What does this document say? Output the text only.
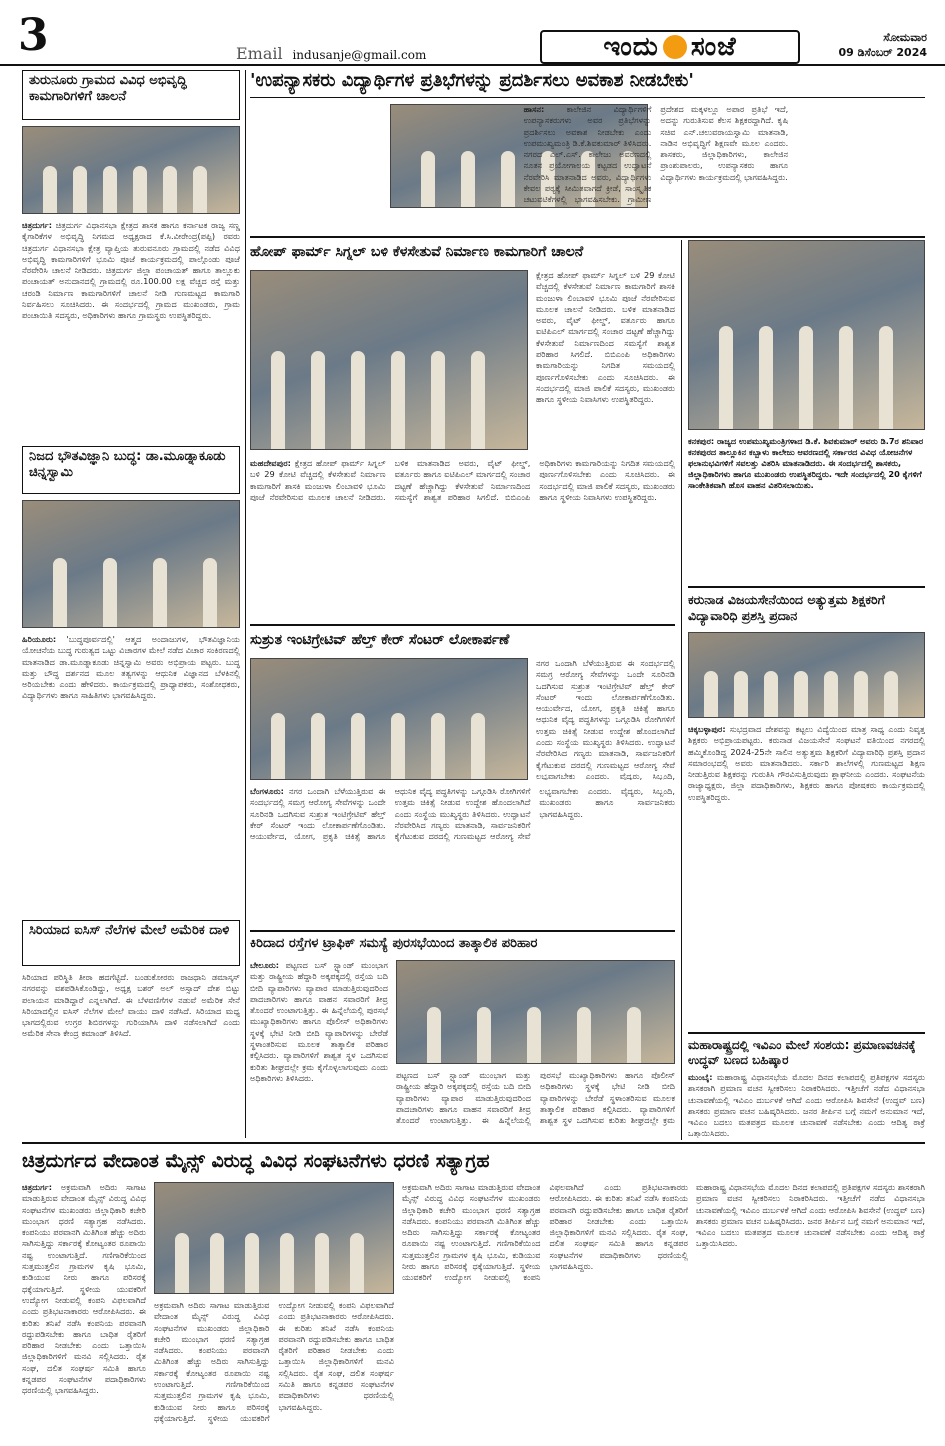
3	Email indusanje@gmail.com	ಇಂದು ಸಂಜೆ	ಸೋಮವಾರ
09 ಡಿಸೆಂಬರ್ 2024
ತುರುನೂರು ಗ್ರಾಮದ ವಿವಿಧ ಅಭಿವೃದ್ಧಿ ಕಾಮಗಾರಿಗಳಿಗೆ ಚಾಲನೆ
ಚಿತ್ರದುರ್ಗ: ಚಿತ್ರದುರ್ಗ ವಿಧಾನಸಭಾ ಕ್ಷೇತ್ರದ ಶಾಸಕ ಹಾಗೂ ಕರ್ನಾಟಕ ರಾಜ್ಯ ಸಣ್ಣ ಕೈಗಾರಿಕೆಗಳ ಅಭಿವೃದ್ಧಿ ನಿಗಮದ ಅಧ್ಯಕ್ಷರಾದ ಕೆ.ಸಿ.ವೀರೇಂದ್ರ(ಪಪ್ಪಿ) ರವರು ಚಿತ್ರದುರ್ಗ ವಿಧಾನಸಭಾ ಕ್ಷೇತ್ರ ವ್ಯಾಪ್ತಿಯ ತುರುವನೂರು ಗ್ರಾಮದಲ್ಲಿ ನಡೆದ ವಿವಿಧ ಅಭಿವೃದ್ಧಿ ಕಾಮಗಾರಿಗಳಿಗೆ ಭೂಮಿ ಪೂಜೆ ಕಾರ್ಯಕ್ರಮದಲ್ಲಿ ಪಾಲ್ಗೊಂಡು ಪೂಜೆ ನೆರವೇರಿಸಿ ಚಾಲನೆ ನೀಡಿದರು. ಚಿತ್ರದುರ್ಗ ಜಿಲ್ಲಾ ಪಂಚಾಯತ್ ಹಾಗೂ ತಾಲ್ಲೂಕು ಪಂಚಾಯತ್ ಅನುದಾನದಲ್ಲಿ ಗ್ರಾಮದಲ್ಲಿ ರೂ.100.00 ಲಕ್ಷ ವೆಚ್ಚದ ರಸ್ತೆ ಮತ್ತು ಚರಂಡಿ ನಿರ್ಮಾಣ ಕಾಮಗಾರಿಗಳಿಗೆ ಚಾಲನೆ ನೀಡಿ ಗುಣಮಟ್ಟದ ಕಾಮಗಾರಿ ನಿರ್ವಹಿಸಲು ಸೂಚಿಸಿದರು. ಈ ಸಂದರ್ಭದಲ್ಲಿ ಗ್ರಾಮದ ಮುಖಂಡರು, ಗ್ರಾಮ ಪಂಚಾಯಿತಿ ಸದಸ್ಯರು, ಅಧಿಕಾರಿಗಳು ಹಾಗೂ ಗ್ರಾಮಸ್ಥರು ಉಪಸ್ಥಿತರಿದ್ದರು.
ನಿಜದ ಭೌತವಿಜ್ಞಾನಿ ಬುದ್ಧ: ಡಾ.ಮೂಡ್ನಾಕೂಡು ಚಿನ್ನಸ್ವಾಮಿ
ಹಿರಿಯೂರು: 'ಬುದ್ಧಪೂರ್ವದಲ್ಲಿ' ಆತ್ಮದ ಅಂದಾಜುಗಳ, ಭೌತವಿಜ್ಞಾನಿಯ ಯೋಚನೆಯ ಬುದ್ಧ ಗುರುತ್ವದ ಒಟ್ಟು ವಿಚಾರಗಳ ಮೇಲೆ ನಡೆದ ವಿಚಾರ ಸಂಕಿರಣದಲ್ಲಿ ಮಾತನಾಡಿದ ಡಾ.ಮೂಡ್ನಾಕೂಡು ಚಿನ್ನಸ್ವಾಮಿ ಅವರು ಅಭಿಪ್ರಾಯ ಪಟ್ಟರು. ಬುದ್ಧ ಮತ್ತು ಬೌದ್ಧ ದರ್ಶನದ ಮೂಲ ತತ್ವಗಳನ್ನು ಆಧುನಿಕ ವಿಜ್ಞಾನದ ಬೆಳಕಿನಲ್ಲಿ ಅರಿಯಬೇಕು ಎಂದು ಹೇಳಿದರು. ಕಾರ್ಯಕ್ರಮದಲ್ಲಿ ಪ್ರಾಧ್ಯಾಪಕರು, ಸಂಶೋಧಕರು, ವಿದ್ಯಾರ್ಥಿಗಳು ಹಾಗೂ ಸಾಹಿತಿಗಳು ಭಾಗವಹಿಸಿದ್ದರು.
ಸಿರಿಯಾದ ಐಸಿಸ್ ನೆಲೆಗಳ ಮೇಲೆ ಅಮೆರಿಕ ದಾಳಿ
ಸಿರಿಯಾದ ಪರಿಸ್ಥಿತಿ ತೀರಾ ಹದಗೆಟ್ಟಿದೆ. ಬಂಡುಕೋರರು ರಾಜಧಾನಿ ಡಮಾಸ್ಕಸ್ ನಗರವನ್ನು ವಶಪಡಿಸಿಕೊಂಡಿದ್ದು, ಅಧ್ಯಕ್ಷ ಬಶರ್ ಅಲ್ ಅಸ್ಸಾದ್ ದೇಶ ಬಿಟ್ಟು ಪಲಾಯನ ಮಾಡಿದ್ದಾರೆ ಎನ್ನಲಾಗಿದೆ. ಈ ಬೆಳವಣಿಗೆಗಳ ನಡುವೆ ಅಮೆರಿಕ ಸೇನೆ ಸಿರಿಯಾದಲ್ಲಿನ ಐಸಿಸ್ ನೆಲೆಗಳ ಮೇಲೆ ವಾಯು ದಾಳಿ ನಡೆಸಿದೆ. ಸಿರಿಯಾದ ಮಧ್ಯ ಭಾಗದಲ್ಲಿರುವ ಉಗ್ರರ ಶಿಬಿರಗಳನ್ನು ಗುರಿಯಾಗಿಸಿ ದಾಳಿ ನಡೆಸಲಾಗಿದೆ ಎಂದು ಅಮೆರಿಕ ಸೇನಾ ಕೇಂದ್ರ ಕಮಾಂಡ್ ತಿಳಿಸಿದೆ.
'ಉಪನ್ಯಾಸಕರು ವಿದ್ಯಾರ್ಥಿಗಳ ಪ್ರತಿಭೆಗಳನ್ನು ಪ್ರದರ್ಶಿಸಲು ಅವಕಾಶ ನೀಡಬೇಕು'
ಹಾಸನ:	ಕಾಲೇಜಿನ ವಿದ್ಯಾರ್ಥಿಗಳಿಗೆ ಉಪನ್ಯಾಸಕರುಗಳು ಅವರ ಪ್ರತಿಭೆಗಳನ್ನು ಪ್ರದರ್ಶಿಸಲು ಅವಕಾಶ ನೀಡಬೇಕು ಎಂದು ಉಪಮುಖ್ಯಮಂತ್ರಿ ಡಿ.ಕೆ.ಶಿವಕುಮಾರ್ ತಿಳಿಸಿದರು. ನಗರದ ಎಲ್.ಎಸ್. ಕಾಲೇಜು ಅವರಣದಲ್ಲಿ ನೂತನ ಪ್ರಯೋಗಾಲಯ ಕಟ್ಟಡದ ಉದ್ಘಾಟನೆ ನೆರವೇರಿಸಿ ಮಾತನಾಡಿದ ಅವರು, ವಿದ್ಯಾರ್ಥಿಗಳು ಕೇವಲ ಪಠ್ಯಕ್ಕೆ ಸೀಮಿತವಾಗದೆ ಕ್ರೀಡೆ, ಸಾಂಸ್ಕೃತಿಕ ಚಟುವಟಿಕೆಗಳಲ್ಲಿ ಭಾಗವಹಿಸಬೇಕು. ಗ್ರಾಮೀಣ ಪ್ರದೇಶದ ಮಕ್ಕಳಲ್ಲೂ ಅಪಾರ ಪ್ರತಿಭೆ ಇದೆ, ಅದನ್ನು ಗುರುತಿಸುವ ಕೆಲಸ ಶಿಕ್ಷಕರದ್ದಾಗಿದೆ. ಕೃಷಿ ಸಚಿವ ಎನ್.ಚಲುವರಾಯಸ್ವಾಮಿ ಮಾತನಾಡಿ, ನಾಡಿನ ಅಭಿವೃದ್ಧಿಗೆ ಶಿಕ್ಷಣವೇ ಮೂಲ ಎಂದರು. ಶಾಸಕರು, ಜಿಲ್ಲಾಧಿಕಾರಿಗಳು, ಕಾಲೇಜಿನ ಪ್ರಾಂಶುಪಾಲರು, ಉಪನ್ಯಾಸಕರು ಹಾಗೂ ವಿದ್ಯಾರ್ಥಿಗಳು ಕಾರ್ಯಕ್ರಮದಲ್ಲಿ ಭಾಗವಹಿಸಿದ್ದರು.
ಹೋಪ್ ಫಾರ್ಮ್ ಸಿಗ್ನಲ್ ಬಳಿ ಕೆಳಸೇತುವೆ ನಿರ್ಮಾಣ ಕಾಮಗಾರಿಗೆ ಚಾಲನೆ
ಮಹದೇವಪುರ: ಕ್ಷೇತ್ರದ ಹೋಪ್ ಫಾರ್ಮ್ ಸಿಗ್ನಲ್ ಬಳಿ 29 ಕೋಟಿ ವೆಚ್ಚದಲ್ಲಿ ಕೆಳಸೇತುವೆ ನಿರ್ಮಾಣ ಕಾಮಗಾರಿಗೆ ಶಾಸಕಿ ಮಂಜುಳಾ ಲಿಂಬಾವಳಿ ಭೂಮಿ ಪೂಜೆ ನೆರವೇರಿಸುವ ಮೂಲಕ ಚಾಲನೆ ನೀಡಿದರು. ಬಳಿಕ ಮಾತನಾಡಿದ ಅವರು, ವೈಟ್ ಫೀಲ್ಡ್, ವರ್ತೂರು ಹಾಗೂ ಐಟಿಪಿಎಲ್ ಮಾರ್ಗದಲ್ಲಿ ಸಂಚಾರ ದಟ್ಟಣೆ ಹೆಚ್ಚಾಗಿದ್ದು ಕೆಳಸೇತುವೆ ನಿರ್ಮಾಣದಿಂದ ಸಮಸ್ಯೆಗೆ ಶಾಶ್ವತ ಪರಿಹಾರ ಸಿಗಲಿದೆ. ಬಿಬಿಎಂಪಿ ಅಧಿಕಾರಿಗಳು ಕಾಮಗಾರಿಯನ್ನು ನಿಗದಿತ ಸಮಯದಲ್ಲಿ ಪೂರ್ಣಗೊಳಿಸಬೇಕು ಎಂದು ಸೂಚಿಸಿದರು. ಈ ಸಂದರ್ಭದಲ್ಲಿ ಮಾಜಿ ಪಾಲಿಕೆ ಸದಸ್ಯರು, ಮುಖಂಡರು ಹಾಗೂ ಸ್ಥಳೀಯ ನಿವಾಸಿಗಳು ಉಪಸ್ಥಿತರಿದ್ದರು.
ಕ್ಷೇತ್ರದ ಹೋಪ್ ಫಾರ್ಮ್ ಸಿಗ್ನಲ್ ಬಳಿ 29 ಕೋಟಿ ವೆಚ್ಚದಲ್ಲಿ ಕೆಳಸೇತುವೆ ನಿರ್ಮಾಣ ಕಾಮಗಾರಿಗೆ ಶಾಸಕಿ ಮಂಜುಳಾ ಲಿಂಬಾವಳಿ ಭೂಮಿ ಪೂಜೆ ನೆರವೇರಿಸುವ ಮೂಲಕ ಚಾಲನೆ ನೀಡಿದರು. ಬಳಿಕ ಮಾತನಾಡಿದ ಅವರು, ವೈಟ್ ಫೀಲ್ಡ್, ವರ್ತೂರು ಹಾಗೂ ಐಟಿಪಿಎಲ್ ಮಾರ್ಗದಲ್ಲಿ ಸಂಚಾರ ದಟ್ಟಣೆ ಹೆಚ್ಚಾಗಿದ್ದು ಕೆಳಸೇತುವೆ ನಿರ್ಮಾಣದಿಂದ ಸಮಸ್ಯೆಗೆ ಶಾಶ್ವತ ಪರಿಹಾರ ಸಿಗಲಿದೆ. ಬಿಬಿಎಂಪಿ ಅಧಿಕಾರಿಗಳು ಕಾಮಗಾರಿಯನ್ನು ನಿಗದಿತ ಸಮಯದಲ್ಲಿ ಪೂರ್ಣಗೊಳಿಸಬೇಕು ಎಂದು ಸೂಚಿಸಿದರು. ಈ ಸಂದರ್ಭದಲ್ಲಿ ಮಾಜಿ ಪಾಲಿಕೆ ಸದಸ್ಯರು, ಮುಖಂಡರು ಹಾಗೂ ಸ್ಥಳೀಯ ನಿವಾಸಿಗಳು ಉಪಸ್ಥಿತರಿದ್ದರು.
ಕನಕಪುರ: ರಾಜ್ಯದ ಉಪಮುಖ್ಯಮಂತ್ರಿಗಳಾದ ಡಿ.ಕೆ. ಶಿವಕುಮಾರ್ ಅವರು ಡಿ.7ರ ಶನಿವಾರ ಕನಕಪುರದ ತಾಲ್ಲೂಕಿನ ಕಬ್ಬಾಳು ಕಾಲೇಜು ಆವರಣದಲ್ಲಿ ಸರ್ಕಾರದ ವಿವಿಧ ಯೋಜನೆಗಳ ಫಲಾನುಭವಿಗಳಿಗೆ ಸವಲತ್ತು ವಿತರಿಸಿ ಮಾತನಾಡಿದರು. ಈ ಸಂದರ್ಭದಲ್ಲಿ ಶಾಸಕರು, ಜಿಲ್ಲಾಧಿಕಾರಿಗಳು ಹಾಗೂ ಮುಖಂಡರು ಉಪಸ್ಥಿತರಿದ್ದರು. ಇದೇ ಸಂದರ್ಭದಲ್ಲಿ 20 ಕೈಗಳಿಗೆ ಸಾಂಕೇತಿಕವಾಗಿ ಹೊಸ ವಾಹನ ವಿತರಿಸಲಾಯಿತು.
ಸುಶ್ರುತ ಇಂಟಿಗ್ರೇಟಿವ್ ಹೆಲ್ತ್ ಕೇರ್ ಸೆಂಟರ್ ಲೋಕಾರ್ಪಣೆ
ಬೆಂಗಳೂರು: ನಗರ ಒಂದಾಗಿ ಬೆಳೆಯುತ್ತಿರುವ ಈ ಸಂದರ್ಭದಲ್ಲಿ ಸಮಗ್ರ ಆರೋಗ್ಯ ಸೇವೆಗಳನ್ನು ಒಂದೇ ಸೂರಿನಡಿ ಒದಗಿಸುವ ಸುಶ್ರುತ ಇಂಟಿಗ್ರೇಟಿವ್ ಹೆಲ್ತ್ ಕೇರ್ ಸೆಂಟರ್ ಇಂದು ಲೋಕಾರ್ಪಣೆಗೊಂಡಿತು. ಆಯುರ್ವೇದ, ಯೋಗ, ಪ್ರಕೃತಿ ಚಿಕಿತ್ಸೆ ಹಾಗೂ ಆಧುನಿಕ ವೈದ್ಯ ಪದ್ಧತಿಗಳನ್ನು ಒಗ್ಗೂಡಿಸಿ ರೋಗಿಗಳಿಗೆ ಉತ್ತಮ ಚಿಕಿತ್ಸೆ ನೀಡುವ ಉದ್ದೇಶ ಹೊಂದಲಾಗಿದೆ ಎಂದು ಸಂಸ್ಥೆಯ ಮುಖ್ಯಸ್ಥರು ತಿಳಿಸಿದರು. ಉದ್ಘಾಟನೆ ನೆರವೇರಿಸಿದ ಗಣ್ಯರು ಮಾತನಾಡಿ, ಸಾರ್ವಜನಿಕರಿಗೆ ಕೈಗೆಟುಕುವ ದರದಲ್ಲಿ ಗುಣಮಟ್ಟದ ಆರೋಗ್ಯ ಸೇವೆ ಲಭ್ಯವಾಗಬೇಕು ಎಂದರು. ವೈದ್ಯರು, ಸಿಬ್ಬಂದಿ, ಮುಖಂಡರು ಹಾಗೂ ಸಾರ್ವಜನಿಕರು ಭಾಗವಹಿಸಿದ್ದರು.
ನಗರ ಒಂದಾಗಿ ಬೆಳೆಯುತ್ತಿರುವ ಈ ಸಂದರ್ಭದಲ್ಲಿ ಸಮಗ್ರ ಆರೋಗ್ಯ ಸೇವೆಗಳನ್ನು ಒಂದೇ ಸೂರಿನಡಿ ಒದಗಿಸುವ ಸುಶ್ರುತ ಇಂಟಿಗ್ರೇಟಿವ್ ಹೆಲ್ತ್ ಕೇರ್ ಸೆಂಟರ್ ಇಂದು ಲೋಕಾರ್ಪಣೆಗೊಂಡಿತು. ಆಯುರ್ವೇದ, ಯೋಗ, ಪ್ರಕೃತಿ ಚಿಕಿತ್ಸೆ ಹಾಗೂ ಆಧುನಿಕ ವೈದ್ಯ ಪದ್ಧತಿಗಳನ್ನು ಒಗ್ಗೂಡಿಸಿ ರೋಗಿಗಳಿಗೆ ಉತ್ತಮ ಚಿಕಿತ್ಸೆ ನೀಡುವ ಉದ್ದೇಶ ಹೊಂದಲಾಗಿದೆ ಎಂದು ಸಂಸ್ಥೆಯ ಮುಖ್ಯಸ್ಥರು ತಿಳಿಸಿದರು. ಉದ್ಘಾಟನೆ ನೆರವೇರಿಸಿದ ಗಣ್ಯರು ಮಾತನಾಡಿ, ಸಾರ್ವಜನಿಕರಿಗೆ ಕೈಗೆಟುಕುವ ದರದಲ್ಲಿ ಗುಣಮಟ್ಟದ ಆರೋಗ್ಯ ಸೇವೆ ಲಭ್ಯವಾಗಬೇಕು ಎಂದರು. ವೈದ್ಯರು, ಸಿಬ್ಬಂದಿ,
ಕರುನಾಡ ವಿಜಯಸೇನೆಯಿಂದ ಅತ್ಯುತ್ತಮ ಶಿಕ್ಷಕರಿಗೆ ವಿದ್ಯಾವಾರಿಧಿ ಪ್ರಶಸ್ತಿ ಪ್ರದಾನ
ಚಿಕ್ಕಬಳ್ಳಾಪುರ: ಸುಭದ್ರವಾದ ದೇಶವನ್ನು ಕಟ್ಟಲು ವಿದ್ಯೆಯಿಂದ ಮಾತ್ರ ಸಾಧ್ಯ ಎಂದು ನಿವೃತ್ತ ಶಿಕ್ಷಕರು ಅಭಿಪ್ರಾಯಪಟ್ಟರು. ಕರುನಾಡ ವಿಜಯಸೇನೆ ಸಂಘಟನೆ ವತಿಯಿಂದ ನಗರದಲ್ಲಿ ಹಮ್ಮಿಕೊಂಡಿದ್ದ 2024-25ನೇ ಸಾಲಿನ ಅತ್ಯುತ್ತಮ ಶಿಕ್ಷಕರಿಗೆ ವಿದ್ಯಾವಾರಿಧಿ ಪ್ರಶಸ್ತಿ ಪ್ರದಾನ ಸಮಾರಂಭದಲ್ಲಿ ಅವರು ಮಾತನಾಡಿದರು. ಸರ್ಕಾರಿ ಶಾಲೆಗಳಲ್ಲಿ ಗುಣಮಟ್ಟದ ಶಿಕ್ಷಣ ನೀಡುತ್ತಿರುವ ಶಿಕ್ಷಕರನ್ನು ಗುರುತಿಸಿ ಗೌರವಿಸುತ್ತಿರುವುದು ಶ್ಲಾಘನೀಯ ಎಂದರು. ಸಂಘಟನೆಯ ರಾಜ್ಯಾಧ್ಯಕ್ಷರು, ಜಿಲ್ಲಾ ಪದಾಧಿಕಾರಿಗಳು, ಶಿಕ್ಷಕರು ಹಾಗೂ ಪೋಷಕರು ಕಾರ್ಯಕ್ರಮದಲ್ಲಿ ಉಪಸ್ಥಿತರಿದ್ದರು.
ಕಿರಿದಾದ ರಸ್ತೆಗಳ ಟ್ರಾಫಿಕ್ ಸಮಸ್ಯೆ ಪುರಸಭೆಯಿಂದ ತಾತ್ಕಾಲಿಕ ಪರಿಹಾರ
ಬೇಲೂರು: ಪಟ್ಟಣದ ಬಸ್ ಸ್ಟ್ಯಾಂಡ್ ಮುಂಭಾಗ ಮತ್ತು ರಾಷ್ಟ್ರೀಯ ಹೆದ್ದಾರಿ ಅಕ್ಕಪಕ್ಕದಲ್ಲಿ ರಸ್ತೆಯ ಬದಿ ಬೀದಿ ವ್ಯಾಪಾರಿಗಳು ವ್ಯಾಪಾರ ಮಾಡುತ್ತಿರುವುದರಿಂದ ಪಾದಚಾರಿಗಳು ಹಾಗೂ ವಾಹನ ಸವಾರರಿಗೆ ತೀವ್ರ ತೊಂದರೆ ಉಂಟಾಗುತ್ತಿತ್ತು. ಈ ಹಿನ್ನೆಲೆಯಲ್ಲಿ ಪುರಸಭೆ ಮುಖ್ಯಾಧಿಕಾರಿಗಳು ಹಾಗೂ ಪೊಲೀಸ್ ಅಧಿಕಾರಿಗಳು ಸ್ಥಳಕ್ಕೆ ಭೇಟಿ ನೀಡಿ ಬೀದಿ ವ್ಯಾಪಾರಿಗಳನ್ನು ಬೇರೆಡೆ ಸ್ಥಳಾಂತರಿಸುವ ಮೂಲಕ ತಾತ್ಕಾಲಿಕ ಪರಿಹಾರ ಕಲ್ಪಿಸಿದರು. ವ್ಯಾಪಾರಿಗಳಿಗೆ ಶಾಶ್ವತ ಸ್ಥಳ ಒದಗಿಸುವ ಕುರಿತು ಶೀಘ್ರದಲ್ಲೇ ಕ್ರಮ ಕೈಗೊಳ್ಳಲಾಗುವುದು ಎಂದು ಅಧಿಕಾರಿಗಳು ತಿಳಿಸಿದರು.	ಪಟ್ಟಣದ ಬಸ್ ಸ್ಟ್ಯಾಂಡ್ ಮುಂಭಾಗ ಮತ್ತು ರಾಷ್ಟ್ರೀಯ ಹೆದ್ದಾರಿ ಅಕ್ಕಪಕ್ಕದಲ್ಲಿ ರಸ್ತೆಯ ಬದಿ ಬೀದಿ ವ್ಯಾಪಾರಿಗಳು ವ್ಯಾಪಾರ ಮಾಡುತ್ತಿರುವುದರಿಂದ ಪಾದಚಾರಿಗಳು ಹಾಗೂ ವಾಹನ ಸವಾರರಿಗೆ ತೀವ್ರ ತೊಂದರೆ ಉಂಟಾಗುತ್ತಿತ್ತು. ಈ ಹಿನ್ನೆಲೆಯಲ್ಲಿ ಪುರಸಭೆ ಮುಖ್ಯಾಧಿಕಾರಿಗಳು ಹಾಗೂ ಪೊಲೀಸ್ ಅಧಿಕಾರಿಗಳು ಸ್ಥಳಕ್ಕೆ ಭೇಟಿ ನೀಡಿ ಬೀದಿ ವ್ಯಾಪಾರಿಗಳನ್ನು ಬೇರೆಡೆ ಸ್ಥಳಾಂತರಿಸುವ ಮೂಲಕ ತಾತ್ಕಾಲಿಕ ಪರಿಹಾರ ಕಲ್ಪಿಸಿದರು. ವ್ಯಾಪಾರಿಗಳಿಗೆ ಶಾಶ್ವತ ಸ್ಥಳ ಒದಗಿಸುವ ಕುರಿತು ಶೀಘ್ರದಲ್ಲೇ ಕ್ರಮ
ಮಹಾರಾಷ್ಟ್ರದಲ್ಲಿ ಇವಿಎಂ ಮೇಲೆ ಸಂಶಯ: ಪ್ರಮಾಣವಚನಕ್ಕೆ ಉದ್ಧವ್ ಬಣದ ಬಹಿಷ್ಕಾರ
ಮುಂಬೈ: ಮಹಾರಾಷ್ಟ್ರ ವಿಧಾನಸಭೆಯ ಮೊದಲ ದಿನದ ಕಲಾಪದಲ್ಲಿ ಪ್ರತಿಪಕ್ಷಗಳ ಸದಸ್ಯರು ಶಾಸಕರಾಗಿ ಪ್ರಮಾಣ ವಚನ ಸ್ವೀಕರಿಸಲು ನಿರಾಕರಿಸಿದರು. ಇತ್ತೀಚೆಗೆ ನಡೆದ ವಿಧಾನಸಭಾ ಚುನಾವಣೆಯಲ್ಲಿ ಇವಿಎಂ ದುರ್ಬಳಕೆ ಆಗಿದೆ ಎಂದು ಆರೋಪಿಸಿ ಶಿವಸೇನೆ (ಉದ್ಧವ್ ಬಣ) ಶಾಸಕರು ಪ್ರಮಾಣ ವಚನ ಬಹಿಷ್ಕರಿಸಿದರು. ಜನರ ತೀರ್ಪಿನ ಬಗ್ಗೆ ನಮಗೆ ಅನುಮಾನ ಇದೆ, ಇವಿಎಂ ಬದಲು ಮತಪತ್ರದ ಮೂಲಕ ಚುನಾವಣೆ ನಡೆಸಬೇಕು ಎಂದು ಆದಿತ್ಯ ಠಾಕ್ರೆ ಒತ್ತಾಯಿಸಿದರು.
ಚಿತ್ರದುರ್ಗದ ವೇದಾಂತ ಮೈನ್ಸ್ ವಿರುದ್ಧ ವಿವಿಧ ಸಂಘಟನೆಗಳು ಧರಣಿ ಸತ್ಯಾಗ್ರಹ
ಚಿತ್ರದುರ್ಗ: ಅಕ್ರಮವಾಗಿ ಅದಿರು ಸಾಗಾಟ ಮಾಡುತ್ತಿರುವ ವೇದಾಂತ ಮೈನ್ಸ್ ವಿರುದ್ಧ ವಿವಿಧ ಸಂಘಟನೆಗಳ ಮುಖಂಡರು ಜಿಲ್ಲಾಧಿಕಾರಿ ಕಚೇರಿ ಮುಂಭಾಗ ಧರಣಿ ಸತ್ಯಾಗ್ರಹ ನಡೆಸಿದರು. ಕಂಪನಿಯು ಪರವಾನಗಿ ಮಿತಿಗಿಂತ ಹೆಚ್ಚು ಅದಿರು ಸಾಗಿಸುತ್ತಿದ್ದು ಸರ್ಕಾರಕ್ಕೆ ಕೋಟ್ಯಂತರ ರೂಪಾಯಿ ನಷ್ಟ ಉಂಟಾಗುತ್ತಿದೆ. ಗಣಿಗಾರಿಕೆಯಿಂದ ಸುತ್ತಮುತ್ತಲಿನ ಗ್ರಾಮಗಳ ಕೃಷಿ ಭೂಮಿ, ಕುಡಿಯುವ ನೀರು ಹಾಗೂ ಪರಿಸರಕ್ಕೆ ಧಕ್ಕೆಯಾಗುತ್ತಿದೆ. ಸ್ಥಳೀಯ ಯುವಕರಿಗೆ ಉದ್ಯೋಗ ನೀಡುವಲ್ಲಿ ಕಂಪನಿ ವಿಫಲವಾಗಿದೆ ಎಂದು ಪ್ರತಿಭಟನಾಕಾರರು ಆರೋಪಿಸಿದರು. ಈ ಕುರಿತು ತನಿಖೆ ನಡೆಸಿ ಕಂಪನಿಯ ಪರವಾನಗಿ ರದ್ದುಪಡಿಸಬೇಕು ಹಾಗೂ ಬಾಧಿತ ರೈತರಿಗೆ ಪರಿಹಾರ ನೀಡಬೇಕು ಎಂದು ಒತ್ತಾಯಿಸಿ ಜಿಲ್ಲಾಧಿಕಾರಿಗಳಿಗೆ ಮನವಿ ಸಲ್ಲಿಸಿದರು. ರೈತ ಸಂಘ, ದಲಿತ ಸಂಘರ್ಷ ಸಮಿತಿ ಹಾಗೂ ಕನ್ನಡಪರ ಸಂಘಟನೆಗಳ ಪದಾಧಿಕಾರಿಗಳು ಧರಣಿಯಲ್ಲಿ ಭಾಗವಹಿಸಿದ್ದರು.
ಅಕ್ರಮವಾಗಿ ಅದಿರು ಸಾಗಾಟ ಮಾಡುತ್ತಿರುವ ವೇದಾಂತ ಮೈನ್ಸ್ ವಿರುದ್ಧ ವಿವಿಧ ಸಂಘಟನೆಗಳ ಮುಖಂಡರು ಜಿಲ್ಲಾಧಿಕಾರಿ ಕಚೇರಿ ಮುಂಭಾಗ ಧರಣಿ ಸತ್ಯಾಗ್ರಹ ನಡೆಸಿದರು. ಕಂಪನಿಯು ಪರವಾನಗಿ ಮಿತಿಗಿಂತ ಹೆಚ್ಚು ಅದಿರು ಸಾಗಿಸುತ್ತಿದ್ದು ಸರ್ಕಾರಕ್ಕೆ ಕೋಟ್ಯಂತರ ರೂಪಾಯಿ ನಷ್ಟ ಉಂಟಾಗುತ್ತಿದೆ. ಗಣಿಗಾರಿಕೆಯಿಂದ ಸುತ್ತಮುತ್ತಲಿನ ಗ್ರಾಮಗಳ ಕೃಷಿ ಭೂಮಿ, ಕುಡಿಯುವ ನೀರು ಹಾಗೂ ಪರಿಸರಕ್ಕೆ ಧಕ್ಕೆಯಾಗುತ್ತಿದೆ. ಸ್ಥಳೀಯ ಯುವಕರಿಗೆ ಉದ್ಯೋಗ ನೀಡುವಲ್ಲಿ ಕಂಪನಿ ವಿಫಲವಾಗಿದೆ ಎಂದು ಪ್ರತಿಭಟನಾಕಾರರು ಆರೋಪಿಸಿದರು. ಈ ಕುರಿತು ತನಿಖೆ ನಡೆಸಿ ಕಂಪನಿಯ ಪರವಾನಗಿ ರದ್ದುಪಡಿಸಬೇಕು ಹಾಗೂ ಬಾಧಿತ ರೈತರಿಗೆ ಪರಿಹಾರ ನೀಡಬೇಕು ಎಂದು ಒತ್ತಾಯಿಸಿ ಜಿಲ್ಲಾಧಿಕಾರಿಗಳಿಗೆ ಮನವಿ ಸಲ್ಲಿಸಿದರು. ರೈತ ಸಂಘ, ದಲಿತ ಸಂಘರ್ಷ ಸಮಿತಿ ಹಾಗೂ ಕನ್ನಡಪರ ಸಂಘಟನೆಗಳ ಪದಾಧಿಕಾರಿಗಳು ಧರಣಿಯಲ್ಲಿ ಭಾಗವಹಿಸಿದ್ದರು.
ಅಕ್ರಮವಾಗಿ ಅದಿರು ಸಾಗಾಟ ಮಾಡುತ್ತಿರುವ ವೇದಾಂತ ಮೈನ್ಸ್ ವಿರುದ್ಧ ವಿವಿಧ ಸಂಘಟನೆಗಳ ಮುಖಂಡರು ಜಿಲ್ಲಾಧಿಕಾರಿ ಕಚೇರಿ ಮುಂಭಾಗ ಧರಣಿ ಸತ್ಯಾಗ್ರಹ ನಡೆಸಿದರು. ಕಂಪನಿಯು ಪರವಾನಗಿ ಮಿತಿಗಿಂತ ಹೆಚ್ಚು ಅದಿರು ಸಾಗಿಸುತ್ತಿದ್ದು ಸರ್ಕಾರಕ್ಕೆ ಕೋಟ್ಯಂತರ ರೂಪಾಯಿ ನಷ್ಟ ಉಂಟಾಗುತ್ತಿದೆ. ಗಣಿಗಾರಿಕೆಯಿಂದ ಸುತ್ತಮುತ್ತಲಿನ ಗ್ರಾಮಗಳ ಕೃಷಿ ಭೂಮಿ, ಕುಡಿಯುವ ನೀರು ಹಾಗೂ ಪರಿಸರಕ್ಕೆ ಧಕ್ಕೆಯಾಗುತ್ತಿದೆ. ಸ್ಥಳೀಯ ಯುವಕರಿಗೆ ಉದ್ಯೋಗ ನೀಡುವಲ್ಲಿ ಕಂಪನಿ ವಿಫಲವಾಗಿದೆ ಎಂದು ಪ್ರತಿಭಟನಾಕಾರರು ಆರೋಪಿಸಿದರು. ಈ ಕುರಿತು ತನಿಖೆ ನಡೆಸಿ ಕಂಪನಿಯ ಪರವಾನಗಿ ರದ್ದುಪಡಿಸಬೇಕು ಹಾಗೂ ಬಾಧಿತ ರೈತರಿಗೆ ಪರಿಹಾರ ನೀಡಬೇಕು ಎಂದು ಒತ್ತಾಯಿಸಿ ಜಿಲ್ಲಾಧಿಕಾರಿಗಳಿಗೆ ಮನವಿ ಸಲ್ಲಿಸಿದರು. ರೈತ ಸಂಘ, ದಲಿತ ಸಂಘರ್ಷ ಸಮಿತಿ ಹಾಗೂ ಕನ್ನಡಪರ ಸಂಘಟನೆಗಳ ಪದಾಧಿಕಾರಿಗಳು ಧರಣಿಯಲ್ಲಿ ಭಾಗವಹಿಸಿದ್ದರು.
ಮಹಾರಾಷ್ಟ್ರ ವಿಧಾನಸಭೆಯ ಮೊದಲ ದಿನದ ಕಲಾಪದಲ್ಲಿ ಪ್ರತಿಪಕ್ಷಗಳ ಸದಸ್ಯರು ಶಾಸಕರಾಗಿ ಪ್ರಮಾಣ ವಚನ ಸ್ವೀಕರಿಸಲು ನಿರಾಕರಿಸಿದರು. ಇತ್ತೀಚೆಗೆ ನಡೆದ ವಿಧಾನಸಭಾ ಚುನಾವಣೆಯಲ್ಲಿ ಇವಿಎಂ ದುರ್ಬಳಕೆ ಆಗಿದೆ ಎಂದು ಆರೋಪಿಸಿ ಶಿವಸೇನೆ (ಉದ್ಧವ್ ಬಣ) ಶಾಸಕರು ಪ್ರಮಾಣ ವಚನ ಬಹಿಷ್ಕರಿಸಿದರು. ಜನರ ತೀರ್ಪಿನ ಬಗ್ಗೆ ನಮಗೆ ಅನುಮಾನ ಇದೆ, ಇವಿಎಂ ಬದಲು ಮತಪತ್ರದ ಮೂಲಕ ಚುನಾವಣೆ ನಡೆಸಬೇಕು ಎಂದು ಆದಿತ್ಯ ಠಾಕ್ರೆ ಒತ್ತಾಯಿಸಿದರು.
